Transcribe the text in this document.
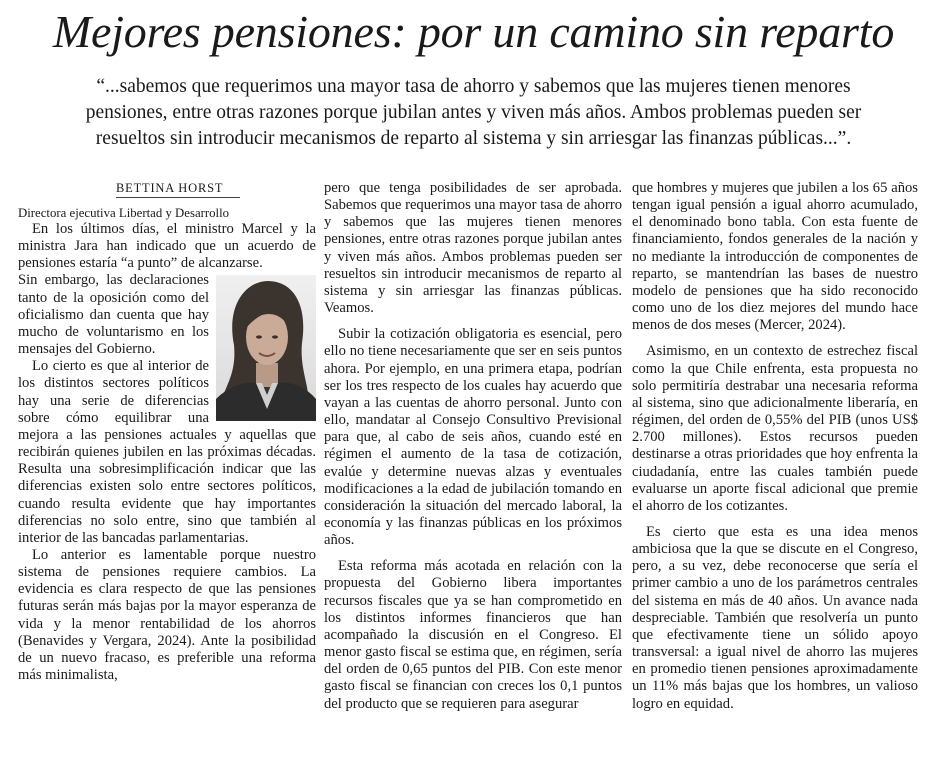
Mejores pensiones: por un camino sin reparto

“...sabemos que requerimos una mayor tasa de ahorro y sabemos que las mujeres tienen menores

pensiones, entre otras razones porque jubilan antes y viven más años. Ambos problemas pueden ser

resueltos sin introducir mecanismos de reparto al sistema y sin arriesgar las finanzas públicas...”.

BETTINA HORST

Directora ejecutiva Libertad y Desarrollo

En los últimos días, el ministro Marcel y la ministra Jara han indicado que un acuerdo de pensiones estaría “a punto” de alcanzarse.

Sin embargo, las declaraciones tanto de la oposición como del oficialismo dan cuenta que hay mucho de voluntarismo en los mensajes del Gobierno.

Lo cierto es que al interior de los distintos sectores políticos hay una serie de diferencias sobre cómo equilibrar una mejora a las pensiones actuales y aquellas que recibirán quienes jubilen en las próximas décadas. Resulta una sobresimplificación indicar que las diferencias existen solo entre sectores políticos, cuando resulta evidente que hay importantes diferencias no solo entre, sino que también al interior de las bancadas parlamentarias.

Lo anterior es lamentable porque nuestro sistema de pensiones requiere cambios. La evidencia es clara respecto de que las pensiones futuras serán más bajas por la mayor esperanza de vida y la menor rentabilidad de los ahorros (Benavides y Vergara, 2024). Ante la posibilidad de un nuevo fracaso, es preferible una reforma más minimalista,

pero que tenga posibilidades de ser aprobada. Sabemos que requerimos una mayor tasa de ahorro y sabemos que las mujeres tienen menores pensiones, entre otras razones porque jubilan antes y viven más años. Ambos problemas pueden ser resueltos sin introducir mecanismos de reparto al sistema y sin arriesgar las finanzas públicas. Veamos.

Subir la cotización obligatoria es esencial, pero ello no tiene necesariamente que ser en seis puntos ahora. Por ejemplo, en una primera etapa, podrían ser los tres respecto de los cuales hay acuerdo que vayan a las cuentas de ahorro personal. Junto con ello, mandatar al Consejo Consultivo Previsional para que, al cabo de seis años, cuando esté en régimen el aumento de la tasa de cotización, evalúe y determine nuevas alzas y eventuales modificaciones a la edad de jubilación tomando en consideración la situación del mercado laboral, la economía y las finanzas públicas en los próximos años.

Esta reforma más acotada en relación con la propuesta del Gobierno libera importantes recursos fiscales que ya se han comprometido en los distintos informes financieros que han acompañado la discusión en el Congreso. El menor gasto fiscal se estima que, en régimen, sería del orden de 0,65 puntos del PIB. Con este menor gasto fiscal se financian con creces los 0,1 puntos del producto que se requieren para asegurar

que hombres y mujeres que jubilen a los 65 años tengan igual pensión a igual ahorro acumulado, el denominado bono tabla. Con esta fuente de financiamiento, fondos generales de la nación y no mediante la introducción de componentes de reparto, se mantendrían las bases de nuestro modelo de pensiones que ha sido reconocido como uno de los diez mejores del mundo hace menos de dos meses (Mercer, 2024).

Asimismo, en un contexto de estrechez fiscal como la que Chile enfrenta, esta propuesta no solo permitiría destrabar una necesaria reforma al sistema, sino que adicionalmente liberaría, en régimen, del orden de 0,55% del PIB (unos US$ 2.700 millones). Estos recursos pueden destinarse a otras prioridades que hoy enfrenta la ciudadanía, entre las cuales también puede evaluarse un aporte fiscal adicional que premie el ahorro de los cotizantes.

Es cierto que esta es una idea menos ambiciosa que la que se discute en el Congreso, pero, a su vez, debe reconocerse que sería el primer cambio a uno de los parámetros centrales del sistema en más de 40 años. Un avance nada despreciable. También que resolvería un punto que efectivamente tiene un sólido apoyo transversal: a igual nivel de ahorro las mujeres en promedio tienen pensiones aproximadamente un 11% más bajas que los hombres, un valioso logro en equidad.
